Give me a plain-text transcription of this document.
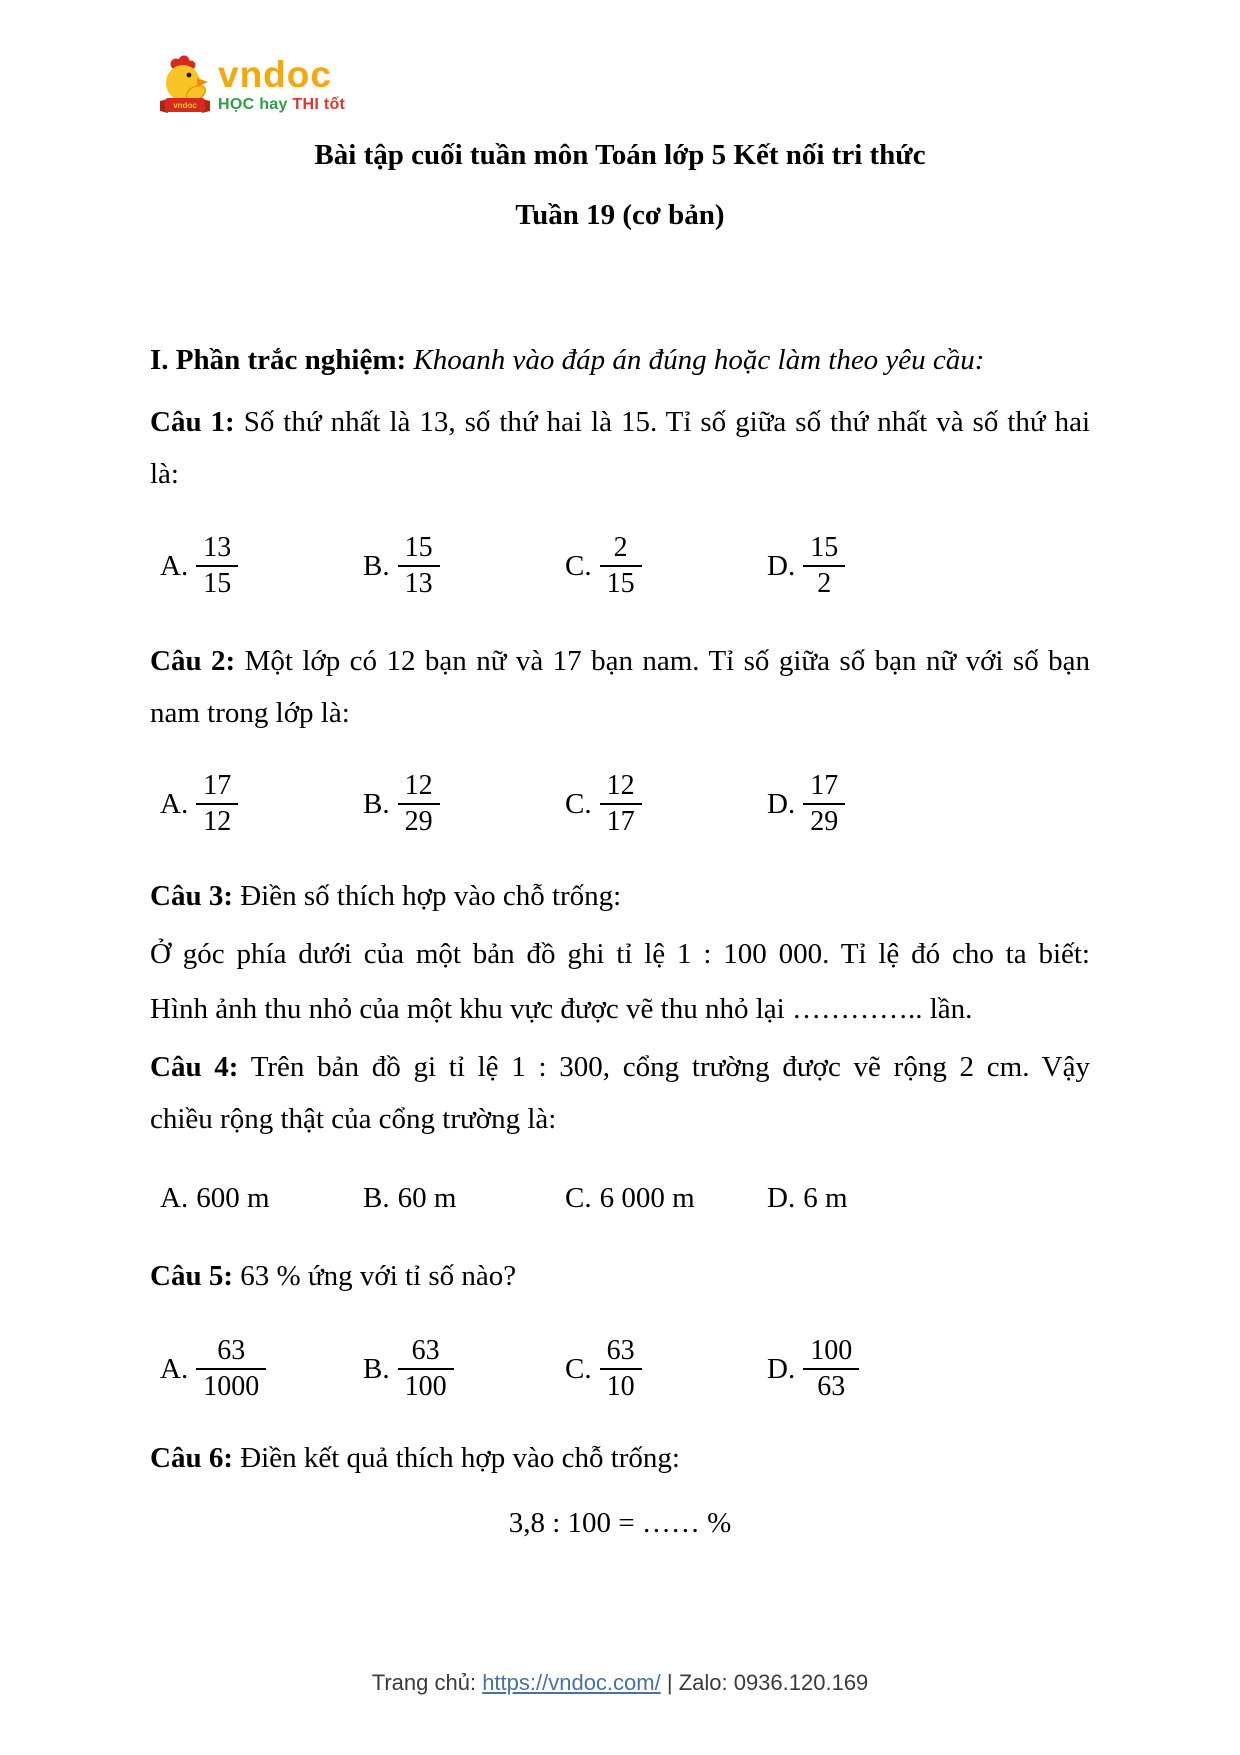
vndoc
vndoc
HỌC hay THI tốt
Bài tập cuối tuần môn Toán lớp 5 Kết nối tri thức
Tuần 19 (cơ bản)
I. Phần trắc nghiệm: Khoanh vào đáp án đúng hoặc làm theo yêu cầu:
Câu 1: Số thứ nhất là 13, số thứ hai là 15. Tỉ số giữa số thứ nhất và số thứ hai
là:
A. $\frac{13}{15}$	B. $\frac{15}{13}$	C. $\frac{2}{15}$	D. $\frac{15}{2}$
Câu 2: Một lớp có 12 bạn nữ và 17 bạn nam. Tỉ số giữa số bạn nữ với số bạn
nam trong lớp là:
A. $\frac{17}{12}$	B. $\frac{12}{29}$	C. $\frac{12}{17}$	D. $\frac{17}{29}$
Câu 3: Điền số thích hợp vào chỗ trống:
Ở góc phía dưới của một bản đồ ghi tỉ lệ 1 : 100 000. Tỉ lệ đó cho ta biết:
Hình ảnh thu nhỏ của một khu vực được vẽ thu nhỏ lại ………….. lần.
Câu 4: Trên bản đồ gi tỉ lệ 1 : 300, cổng trường được vẽ rộng 2 cm. Vậy
chiều rộng thật của cổng trường là:
A. 600 m	B. 60 m	C. 6 000 m D. 6 m
Câu 5: 63 % ứng với tỉ số nào?
A. $\frac{63}{1000}$	B. $\frac{63}{100}$	C. $\frac{63}{10}$	D. $\frac{100}{63}$
Câu 6: Điền kết quả thích hợp vào chỗ trống:
3,8 : 100 = …… %
Trang chủ: https://vndoc.com/ | Zalo: 0936.120.169
